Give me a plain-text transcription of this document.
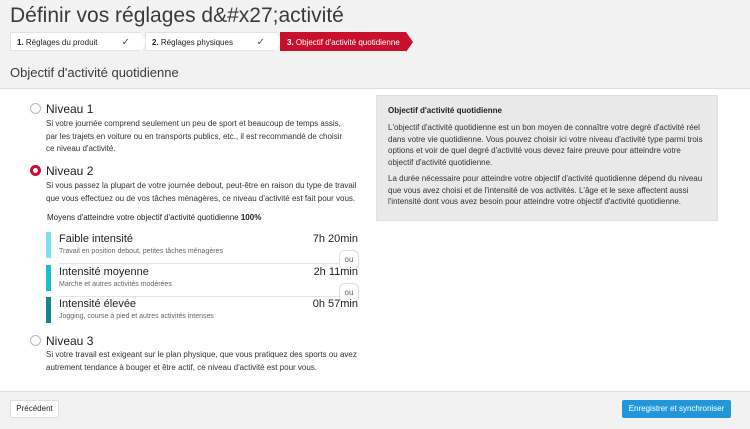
Définir vos réglages d&#x27;activité
1. Réglages du produit ✓	2. Réglages physiques ✓	3. Objectif d'activité quotidienne
Objectif d'activité quotidienne
Niveau 1
Si votre journée comprend seulement un peu de sport et beaucoup de temps assis, par les trajets en voiture ou en transports publics, etc., il est recommandé de choisir ce niveau d'activité.
Niveau 2
Si vous passez la plupart de votre journée debout, peut-être en raison du type de travail que vous effectuez ou de vos tâches ménagères, ce niveau d'activité est fait pour vous.
Moyens d'atteindre votre objectif d'activité quotidienne 100%
Faible intensité
Travail en position debout, petites tâches ménagères
7h 20min
ou
Intensité moyenne
Marche et autres activités modérées
2h 11min
ou
Intensité élevée
Jogging, course à pied et autres activités intenses
0h 57min
Niveau 3
Si votre travail est exigeant sur le plan physique, que vous pratiquez des sports ou avez autrement tendance à bouger et être actif, ce niveau d'activité est pour vous.
Objectif d'activité quotidienne

L'objectif d'activité quotidienne est un bon moyen de connaître votre degré d'activité réel dans votre vie quotidienne. Vous pouvez choisir ici votre niveau d'activité type parmi trois options et voir de quel degré d'activité vous devez faire preuve pour atteindre votre objectif d'activité quotidienne.

La durée nécessaire pour atteindre votre objectif d'activité quotidienne dépend du niveau que vous avez choisi et de l'intensité de vos activités. L'âge et le sexe affectent aussi l'intensité dont vous avez besoin pour atteindre votre objectif d'activité quotidienne.

Précédent	Enregistrer et synchroniser
